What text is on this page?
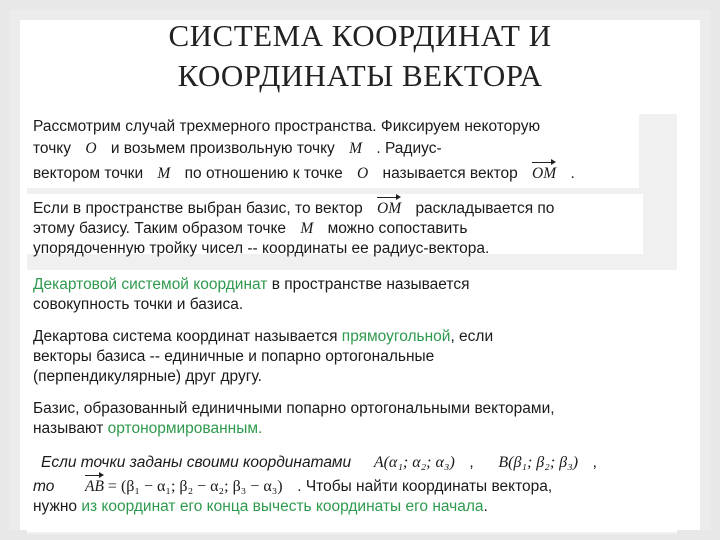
СИСТЕМА КООРДИНАТ И
КООРДИНАТЫ ВЕКТОРА

Рассмотрим случай трехмерного пространства. Фиксируем некоторую

точку O и возьмем произвольную точку M . Радиус-

вектором точки M по отношению к точке O называется вектор OM .

Если в пространстве выбран базис, то вектор OM раскладывается по

этому базису. Таким образом точке M можно сопоставить

упорядоченную тройку чисел -- координаты ее радиус-вектора.

Декартовой системой координат в пространстве называется

совокупность точки и базиса.

Декартова система координат называется прямоугольной, если

векторы базиса -- единичные и попарно ортогональные

(перпендикулярные) друг другу.

Базис, образованный единичными попарно ортогональными векторами,

называют ортонормированным.

Если точки заданы своими координатами A(α₁; α₂; α₃) , B(β₁; β₂; β₃) ,
то AB = (β₁ − α₁; β₂ − α₂; β₃ − α₃) . Чтобы найти координаты вектора,

нужно из координат его конца вычесть координаты его начала.
